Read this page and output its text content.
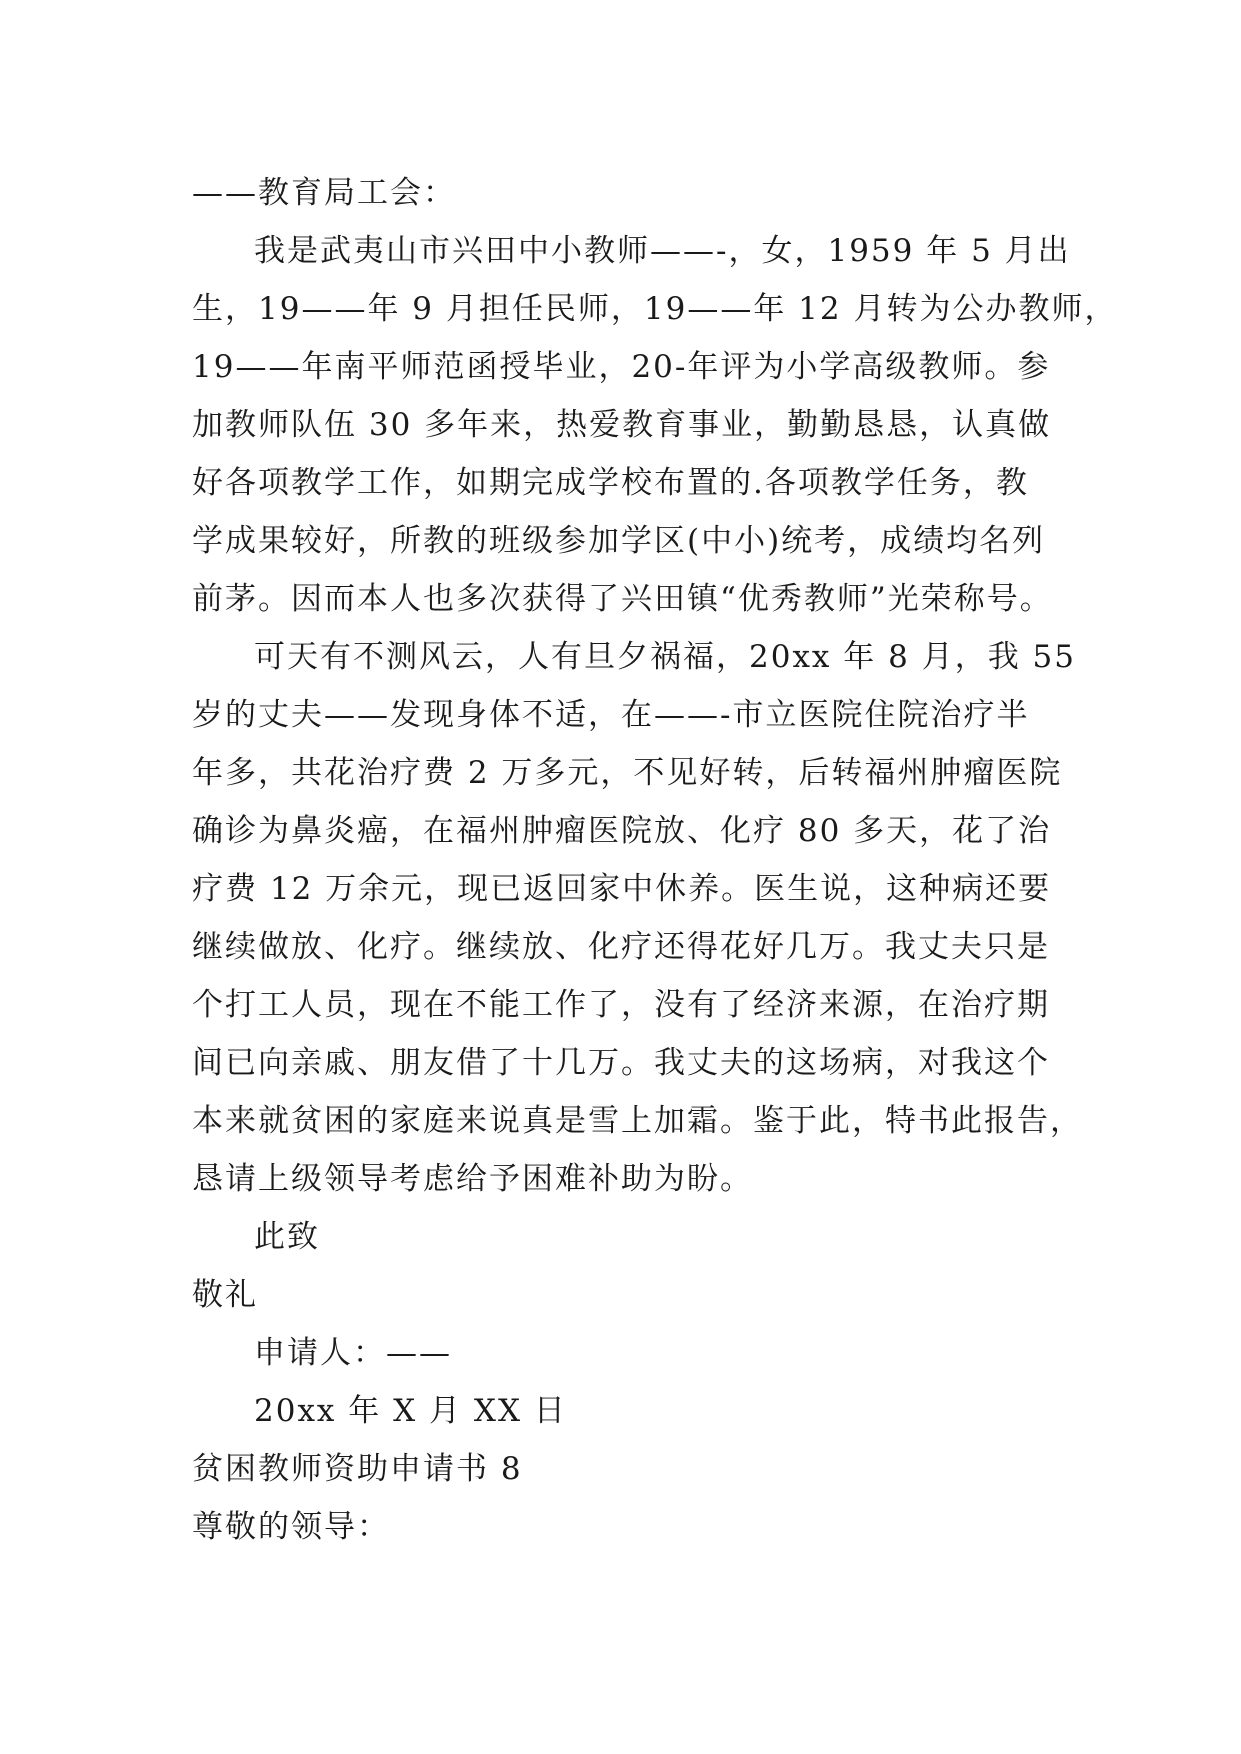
——教育局工会：
我是武夷山市兴田中小教师——-，女，1959 年 5 月出
生，19——年 9 月担任民师，19——年 12 月转为公办教师，
19——年南平师范函授毕业，20-年评为小学高级教师。参
加教师队伍 30 多年来，热爱教育事业，勤勤恳恳，认真做
好各项教学工作，如期完成学校布置的.各项教学任务，教
学成果较好，所教的班级参加学区(中小)统考，成绩均名列
前茅。因而本人也多次获得了兴田镇“优秀教师”光荣称号。
可天有不测风云，人有旦夕祸福，20xx 年 8 月，我 55
岁的丈夫——发现身体不适，在——-市立医院住院治疗半
年多，共花治疗费 2 万多元，不见好转，后转福州肿瘤医院
确诊为鼻炎癌，在福州肿瘤医院放、化疗 80 多天，花了治
疗费 12 万余元，现已返回家中休养。医生说，这种病还要
继续做放、化疗。继续放、化疗还得花好几万。我丈夫只是
个打工人员，现在不能工作了，没有了经济来源，在治疗期
间已向亲戚、朋友借了十几万。我丈夫的这场病，对我这个
本来就贫困的家庭来说真是雪上加霜。鉴于此，特书此报告，
恳请上级领导考虑给予困难补助为盼。
此致
敬礼
申请人：——
20xx 年 X 月 XX 日
贫困教师资助申请书 8
尊敬的领导：
